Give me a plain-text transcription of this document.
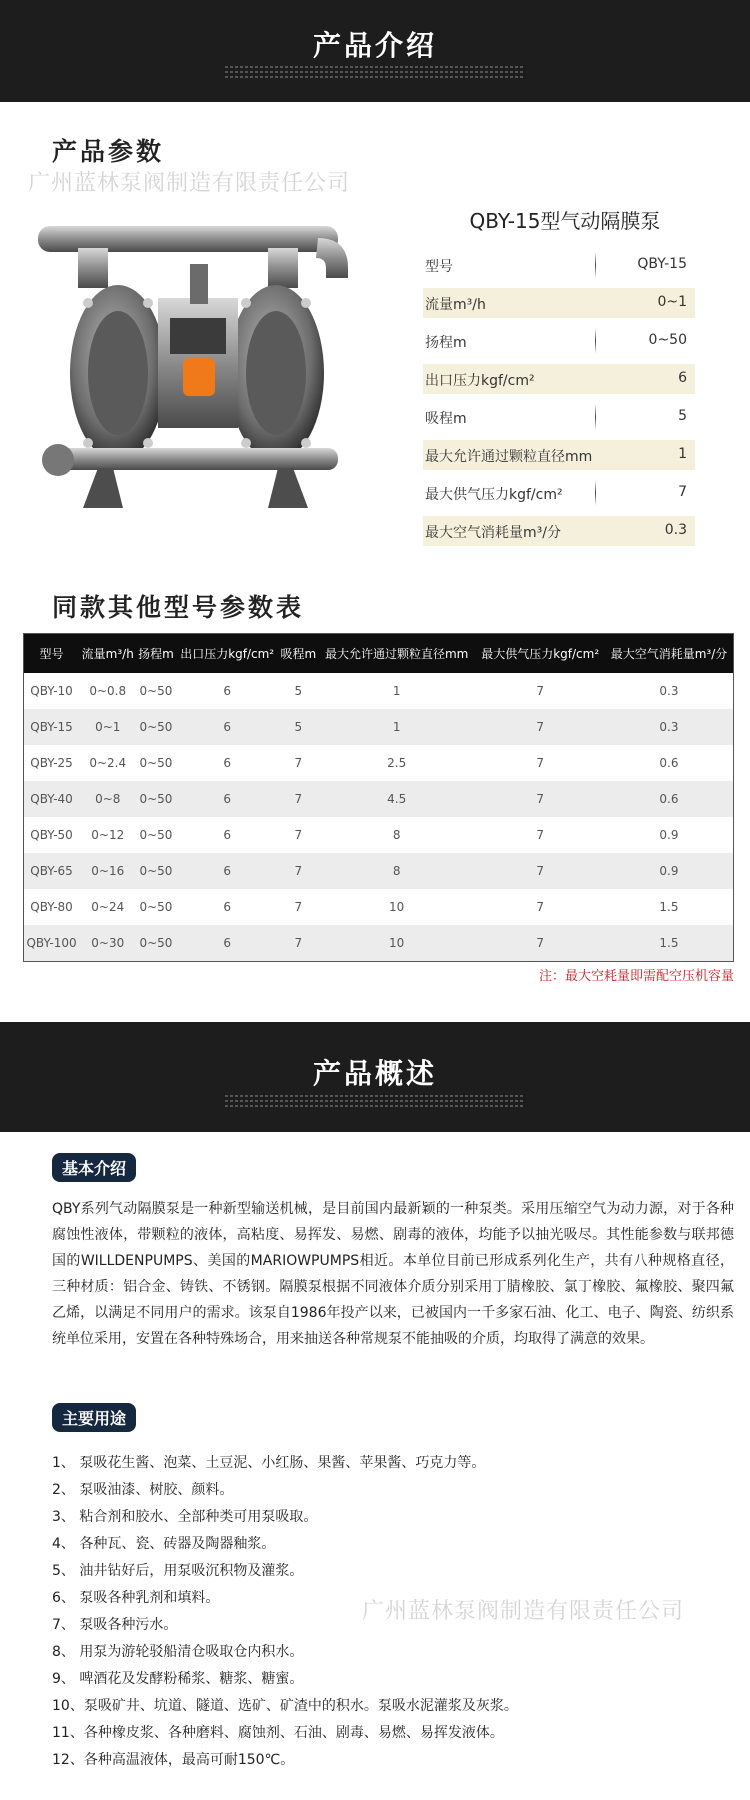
产品介绍
产品参数
广州蓝林泵阀制造有限责任公司
QBY-15型气动隔膜泵
型号	QBY-15
流量m³/h	0~1
扬程m	0~50
出口压力kgf/cm²	6
吸程m	5
最大允许通过颗粒直径mm	1
最大供气压力kgf/cm²	7
最大空气消耗量m³/分	0.3
同款其他型号参数表
型号	流量m³/h	扬程m	出口压力kgf/cm²	吸程m	最大允许通过颗粒直径mm	最大供气压力kgf/cm²	最大空气消耗量m³/分
QBY-10	0~0.8	0~50	6	5	1	7	0.3
QBY-15	0~1	0~50	6	5	1	7	0.3
QBY-25	0~2.4	0~50	6	7	2.5	7	0.6
QBY-40	0~8	0~50	6	7	4.5	7	0.6
QBY-50	0~12	0~50	6	7	8	7	0.9
QBY-65	0~16	0~50	6	7	8	7	0.9
QBY-80	0~24	0~50	6	7	10	7	1.5
QBY-100	0~30	0~50	6	7	10	7	1.5
注：最大空耗量即需配空压机容量
产品概述
基本介绍
QBY系列气动隔膜泵是一种新型输送机械，是目前国内最新颖的一种泵类。采用压缩空气为动力源，对于各种腐蚀性液体，带颗粒的液体，高粘度、易挥发、易燃、剧毒的液体，均能予以抽光吸尽。其性能参数与联邦德国的WILLDENPUMPS、美国的MARIOWPUMPS相近。本单位目前已形成系列化生产，共有八种规格直径，三种材质：铝合金、铸铁、不锈钢。隔膜泵根据不同液体介质分别采用丁腈橡胶、氯丁橡胶、氟橡胶、聚四氟乙烯，以满足不同用户的需求。该泵自1986年投产以来，已被国内一千多家石油、化工、电子、陶瓷、纺织系统单位采用，安置在各种特殊场合，用来抽送各种常规泵不能抽吸的介质，均取得了满意的效果。
主要用途
1、 泵吸花生酱、泡菜、土豆泥、小红肠、果酱、苹果酱、巧克力等。
2、 泵吸油漆、树胶、颜料。
3、 粘合剂和胶水、全部种类可用泵吸取。
4、 各种瓦、瓷、砖器及陶器釉浆。
5、 油井钻好后，用泵吸沉积物及灌浆。
6、 泵吸各种乳剂和填料。
7、 泵吸各种污水。
8、 用泵为游轮驳船清仓吸取仓内积水。
9、 啤酒花及发酵粉稀浆、糖浆、糖蜜。
10、泵吸矿井、坑道、隧道、选矿、矿渣中的积水。泵吸水泥灌浆及灰浆。
11、各种橡皮浆、各种磨料、腐蚀剂、石油、剧毒、易燃、易挥发液体。
12、各种高温液体，最高可耐150℃。
广州蓝林泵阀制造有限责任公司
